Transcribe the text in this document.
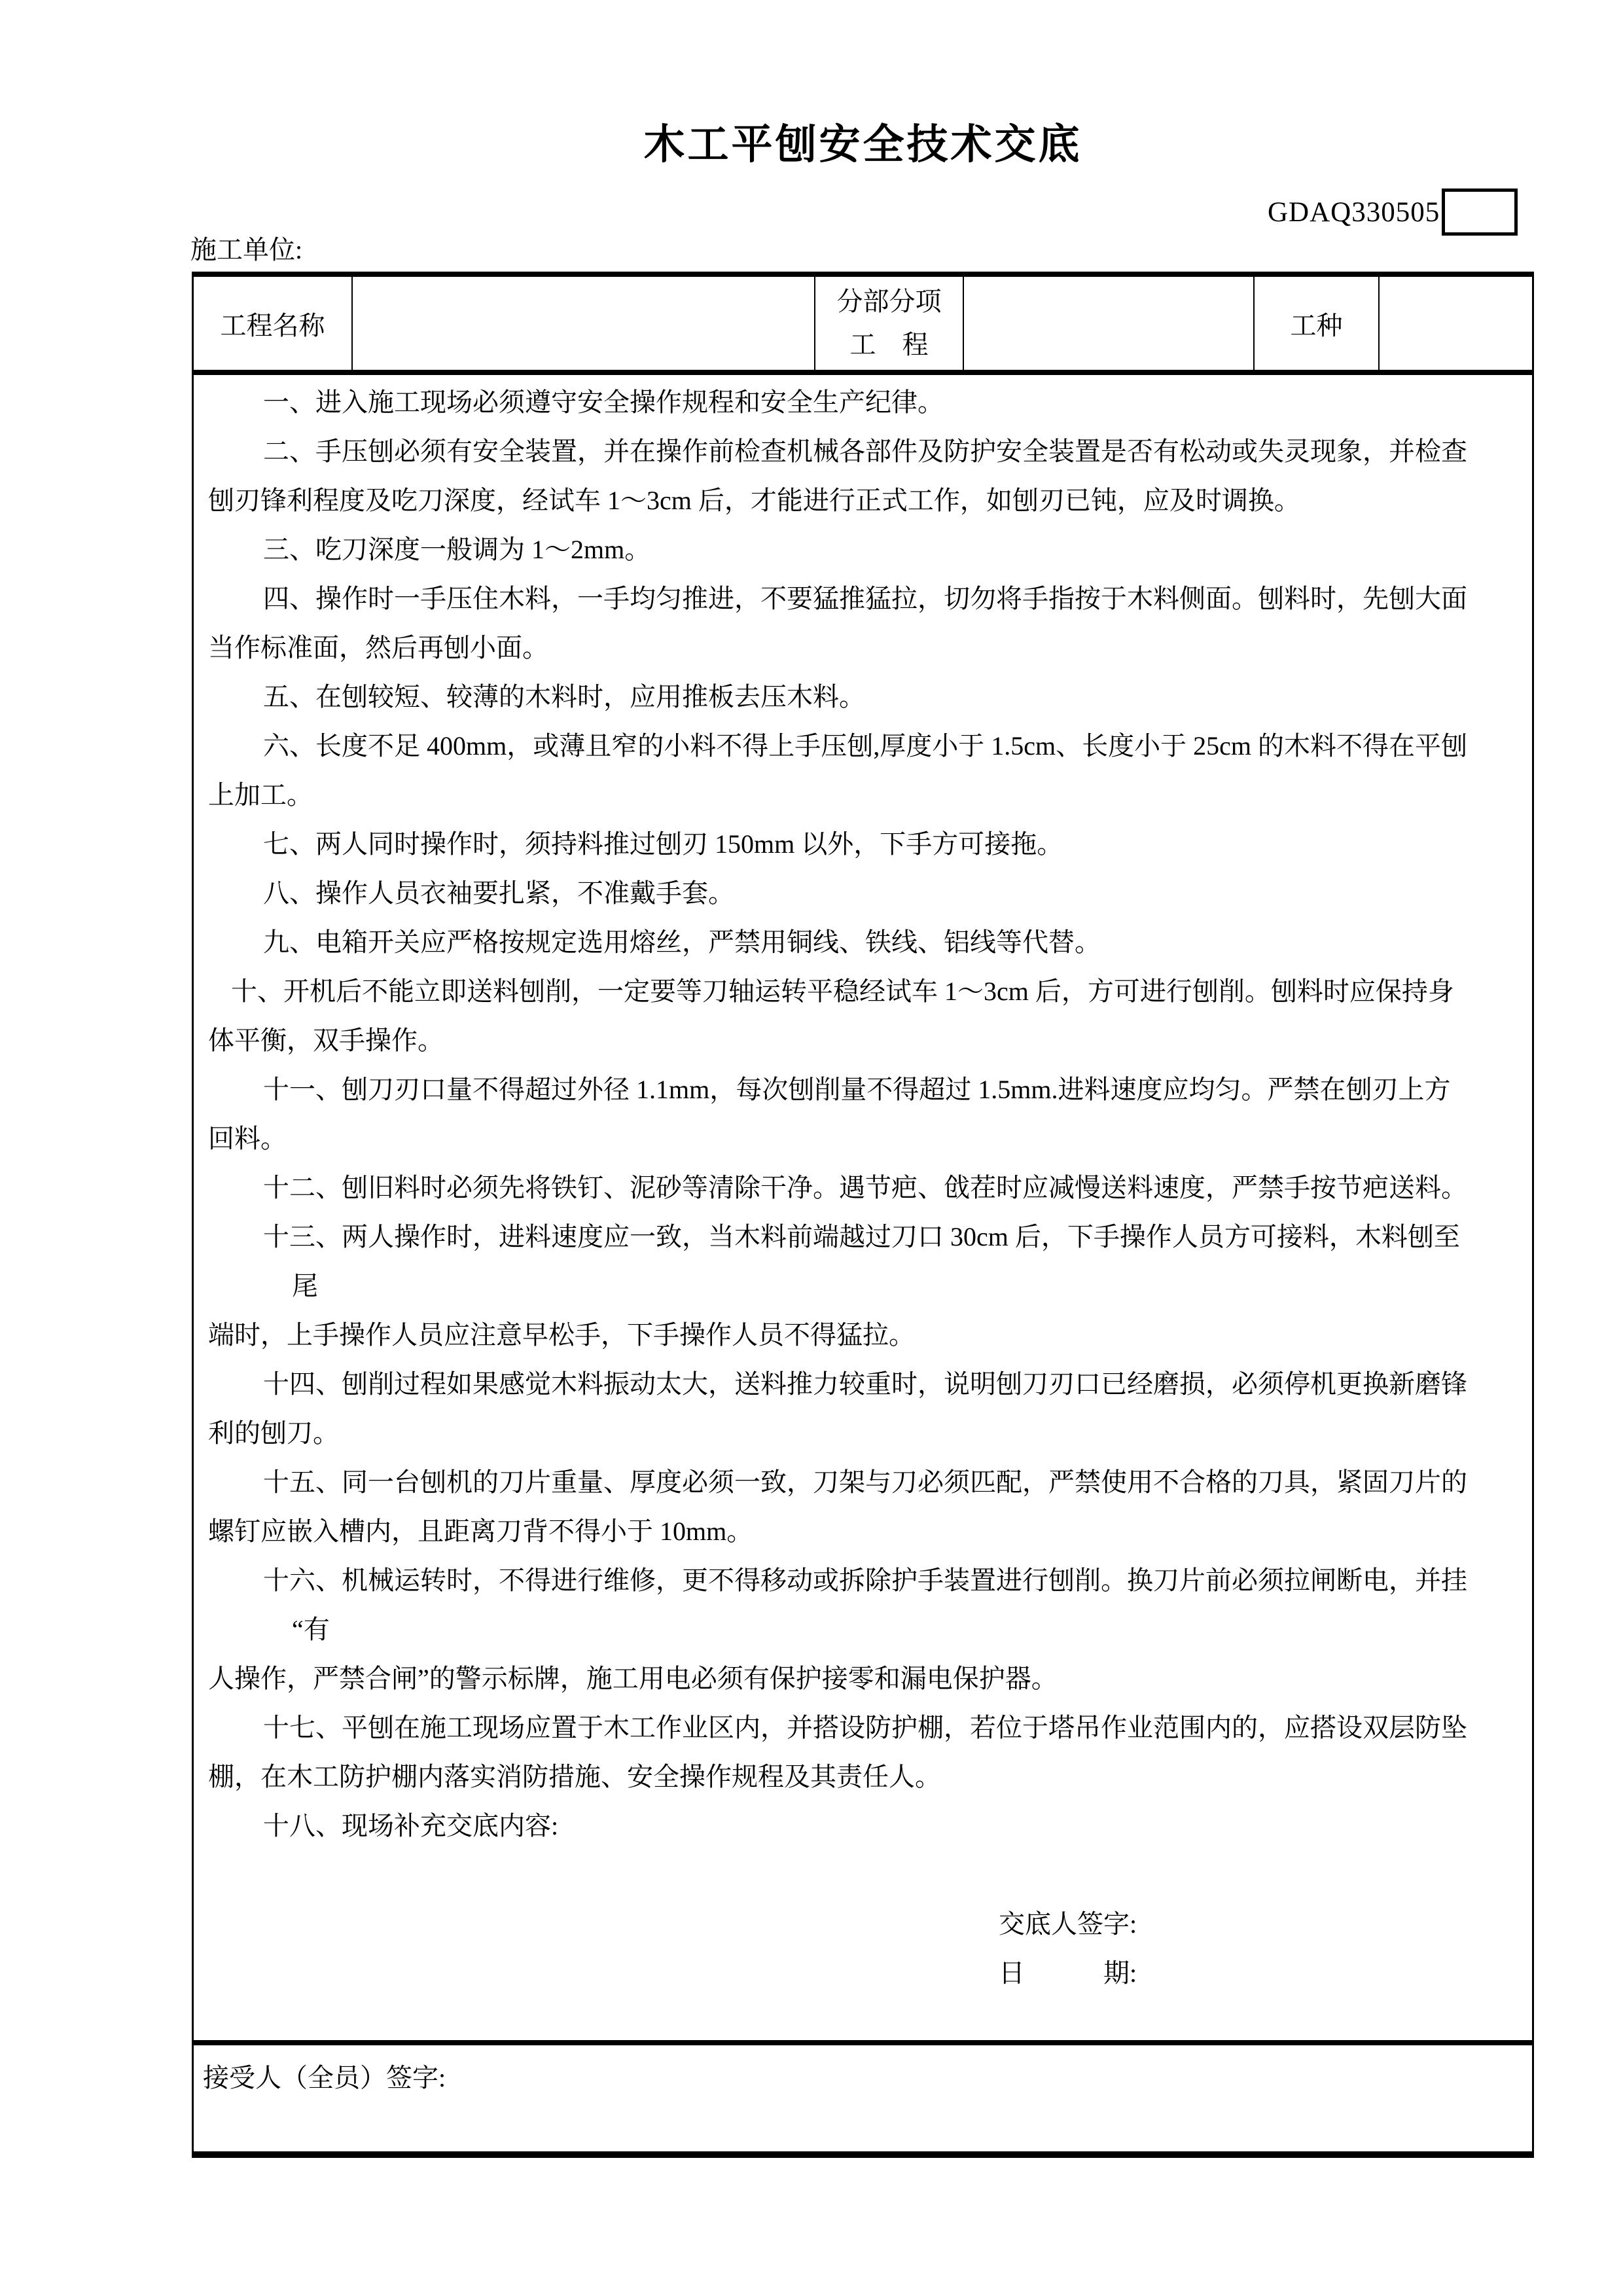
木工平刨安全技术交底
GDAQ330505
施工单位:
工程名称
分部分项
工　程
工种
一、进入施工现场必须遵守安全操作规程和安全生产纪律。
二、手压刨必须有安全装置，并在操作前检查机械各部件及防护安全装置是否有松动或失灵现象，并检查
刨刃锋利程度及吃刀深度，经试车 1～3cm 后，才能进行正式工作，如刨刃已钝，应及时调换。
三、吃刀深度一般调为 1～2mm。
四、操作时一手压住木料，一手均匀推进，不要猛推猛拉，切勿将手指按于木料侧面。刨料时，先刨大面
当作标准面，然后再刨小面。
五、在刨较短、较薄的木料时，应用推板去压木料。
六、长度不足 400mm，或薄且窄的小料不得上手压刨,厚度小于 1.5cm、长度小于 25cm 的木料不得在平刨
上加工。
七、两人同时操作时，须持料推过刨刃 150mm 以外，下手方可接拖。
八、操作人员衣袖要扎紧，不准戴手套。
九、电箱开关应严格按规定选用熔丝，严禁用铜线、铁线、铝线等代替。
十、开机后不能立即送料刨削，一定要等刀轴运转平稳经试车 1～3cm 后，方可进行刨削。刨料时应保持身
体平衡，双手操作。
十一、刨刀刃口量不得超过外径 1.1mm，每次刨削量不得超过 1.5mm.进料速度应均匀。严禁在刨刃上方
回料。
十二、刨旧料时必须先将铁钉、泥砂等清除干净。遇节疤、戗茬时应减慢送料速度，严禁手按节疤送料。
十三、两人操作时，进料速度应一致，当木料前端越过刀口 30cm 后，下手操作人员方可接料，木料刨至
尾
端时，上手操作人员应注意早松手，下手操作人员不得猛拉。
十四、刨削过程如果感觉木料振动太大，送料推力较重时，说明刨刀刃口已经磨损，必须停机更换新磨锋
利的刨刀。
十五、同一台刨机的刀片重量、厚度必须一致，刀架与刀必须匹配，严禁使用不合格的刀具，紧固刀片的
螺钉应嵌入槽内，且距离刀背不得小于 10mm。
十六、机械运转时，不得进行维修，更不得移动或拆除护手装置进行刨削。换刀片前必须拉闸断电，并挂
“有
人操作，严禁合闸”的警示标牌，施工用电必须有保护接零和漏电保护器。
十七、平刨在施工现场应置于木工作业区内，并搭设防护棚，若位于塔吊作业范围内的，应搭设双层防坠
棚，在木工防护棚内落实消防措施、安全操作规程及其责任人。
十八、现场补充交底内容:
交底人签字:
日　　　期:
接受人（全员）签字:
